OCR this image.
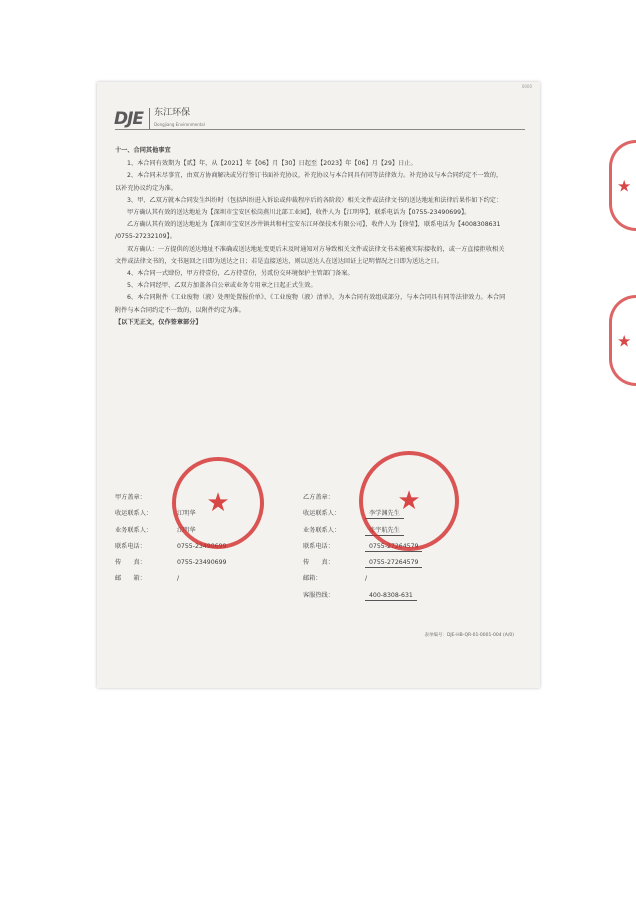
0000
DJE	东江环保
Dongjiang Environmental

十一、合同其他事宜

1、本合同有效期为【贰】年，从【2021】年【06】月【30】日起至【2023】年【06】月【29】日止。

2、本合同未尽事宜，由双方协商解决或另行签订书面补充协议，补充协议与本合同具有同等法律效力。补充协议与本合同约定不一致的，以补充协议约定为准。

3、甲、乙双方就本合同发生纠纷时（包括纠纷进入诉讼或仲裁程序后的各阶段）相关文件或法律文书的送达地址和法律后果作如下约定：

甲方确认其有效的送达地址为【深圳市宝安区松岗燕川北部工业园】，收件人为【江明华】，联系电话为【0755-23490699】。

乙方确认其有效的送达地址为【深圳市宝安区沙井镇共和村宝安东江环保技术有限公司】，收件人为【徐莹】，联系电话为【4008308631 /0755-27232109】。

双方确认：一方提供的送达地址不准确或送达地址变更后未及时通知对方导致相关文件或法律文书未能被实际接收的，或一方直接拒收相关文件或法律文书的，文书退回之日即为送达之日；若是直接送达，则以送达人在送达回证上记明情况之日即为送达之日。

4、本合同一式肆份，甲方持壹份，乙方持壹份，另贰份交环境保护主管部门备案。

5、本合同经甲、乙双方加盖各自公章或业务专用章之日起正式生效。

6、本合同附件《工业废物（液）处理处置报价单》、《工业废物（液）清单》，为本合同有效组成部分，与本合同具有同等法律效力。本合同附件与本合同约定不一致的，以附件约定为准。

【以下无正文，仅作签章部分】

甲方盖章：
收运联系人：	江明华
业务联系人：	江明华
联系电话：	0755-23490699
传　　真：	0755-23490699
邮　　箱：	/
乙方盖章：
收运联系人：	李学渊先生
业务联系人：	张宇航先生
联系电话：	0755-27264579
传　　真：	0755-27264579
邮箱：	/
客服热线：	400-8308-631
★	★
表单编号：DJE-HB-QR-01-0001-004 (A/0)
★
★
